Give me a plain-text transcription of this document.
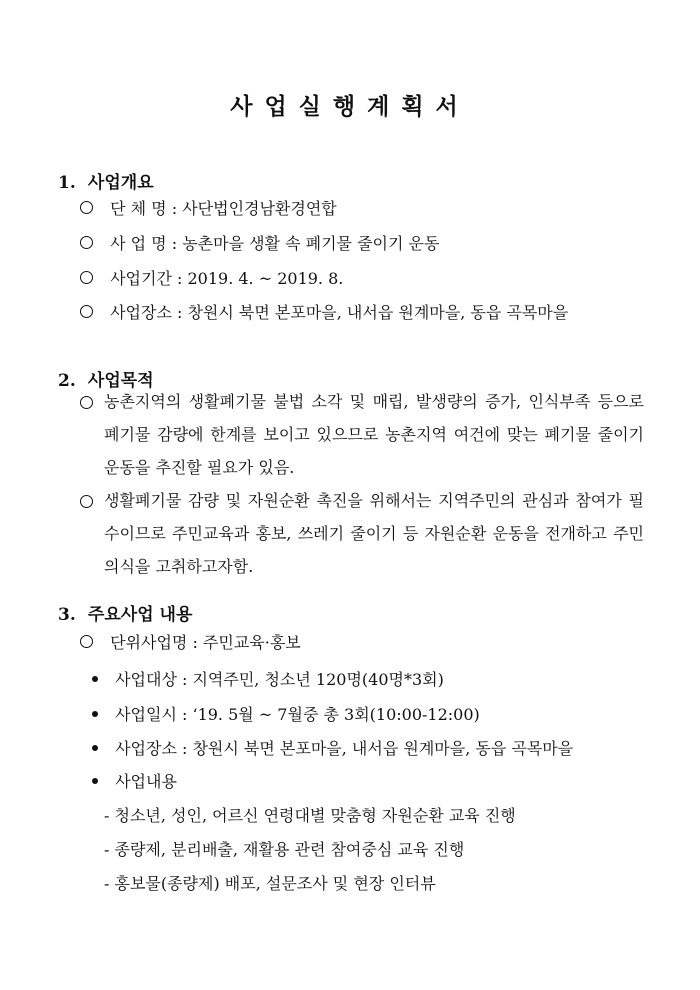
사업실행계획서
1. 사업개요
단 체 명 : 사단법인경남환경연합
사 업 명 : 농촌마을 생활 속 폐기물 줄이기 운동
사업기간 : 2019. 4. ~ 2019. 8.
사업장소 : 창원시 북면 본포마을, 내서읍 원계마을, 동읍 곡목마을
2. 사업목적
농촌지역의 생활폐기물 불법 소각 및 매립, 발생량의 증가, 인식부족 등으로 폐기물 감량에 한계를 보이고 있으므로 농촌지역 여건에 맞는 폐기물 줄이기 운동을 추진할 필요가 있음.
생활폐기물 감량 및 자원순환 촉진을 위해서는 지역주민의 관심과 참여가 필수이므로 주민교육과 홍보, 쓰레기 줄이기 등 자원순환 운동을 전개하고 주민의식을 고취하고자함.
3. 주요사업 내용
단위사업명 : 주민교육·홍보
사업대상 : 지역주민, 청소년 120명(40명*3회)
사업일시 : ‘19. 5월 ~ 7월중 총 3회(10:00-12:00)
사업장소 : 창원시 북면 본포마을, 내서읍 원계마을, 동읍 곡목마을
사업내용
- 청소년, 성인, 어르신 연령대별 맞춤형 자원순환 교육 진행
- 종량제, 분리배출, 재활용 관련 참여중심 교육 진행
- 홍보물(종량제) 배포, 설문조사 및 현장 인터뷰
